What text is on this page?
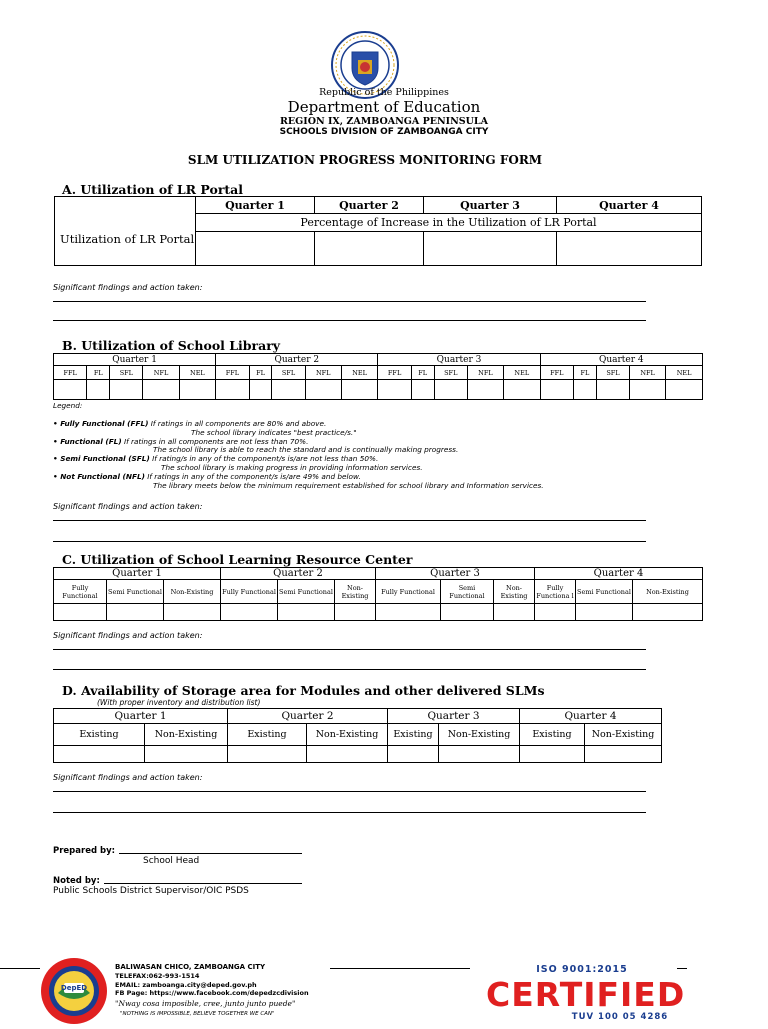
Republic of the Philippines
Department of Education
REGION IX, ZAMBOANGA PENINSULA
SCHOOLS DIVISION OF ZAMBOANGA CITY
SLM UTILIZATION PROGRESS MONITORING FORM
A. Utilization of LR Portal
	Quarter 1	Quarter 2	Quarter 3	Quarter 4
Utilization of LR Portal	Percentage of Increase in the Utilization of LR Portal			

Significant findings and action taken:
B. Utilization of School Library
Quarter 1					Quarter 2					Quarter 3					Quarter 4				
FFL	FL	SFL	NFL	NEL	FFL	FL	SFL	NFL	NEL	FFL	FL	SFL	NFL	NEL	FFL	FL	SFL	NFL	NEL

Legend:
• Fully Functional (FFL) If ratings in all components are 80% and above.
The school library indicates "best practice/s."
• Functional (FL) If ratings in all components are not less than 70%.
The school library is able to reach the standard and is continually making progress.
• Semi Functional (SFL) If rating/s in any of the component/s is/are not less than 50%.
The school library is making progress in providing information services.
• Not Functional (NFL) If ratings in any of the component/s is/are 49% and below.
The library meets below the minimum requirement established for school library and Information services.
Significant findings and action taken:
C. Utilization of School Learning Resource Center
Quarter 1			Quarter 2			Quarter 3			Quarter 4		
Fully Functional	Semi Functional	Non-Existing	Fully Functional	Semi Functional	Non-Existing	Fully Functional	Semi Functional	Non-Existing	Fully Functiona l	Semi Functional	Non-Existing

Significant findings and action taken:
D. Availability of Storage area for Modules and other delivered SLMs
(With proper inventory and distribution list)
Quarter 1		Quarter 2		Quarter 3		Quarter 4	
Existing	Non-Existing	Existing	Non-Existing	Existing	Non-Existing	Existing	Non-Existing

Significant findings and action taken:
Prepared by:
School Head
Noted by:
Public Schools District Supervisor/OIC PSDS
DepED
BALIWASAN CHICO, ZAMBOANGA CITY
TELEFAX:062-993-1514
EMAIL: zamboanga.city@deped.gov.ph
FB Page: https://www.facebook.com/depedzcdivision
"Nway cosa imposible, cree, junto junto puede"
"NOTHING IS IMPOSSIBLE, BELIEVE TOGETHER WE CAN"
ISO 9001:2015
CERTIFIED
TUV 100 05 4286
